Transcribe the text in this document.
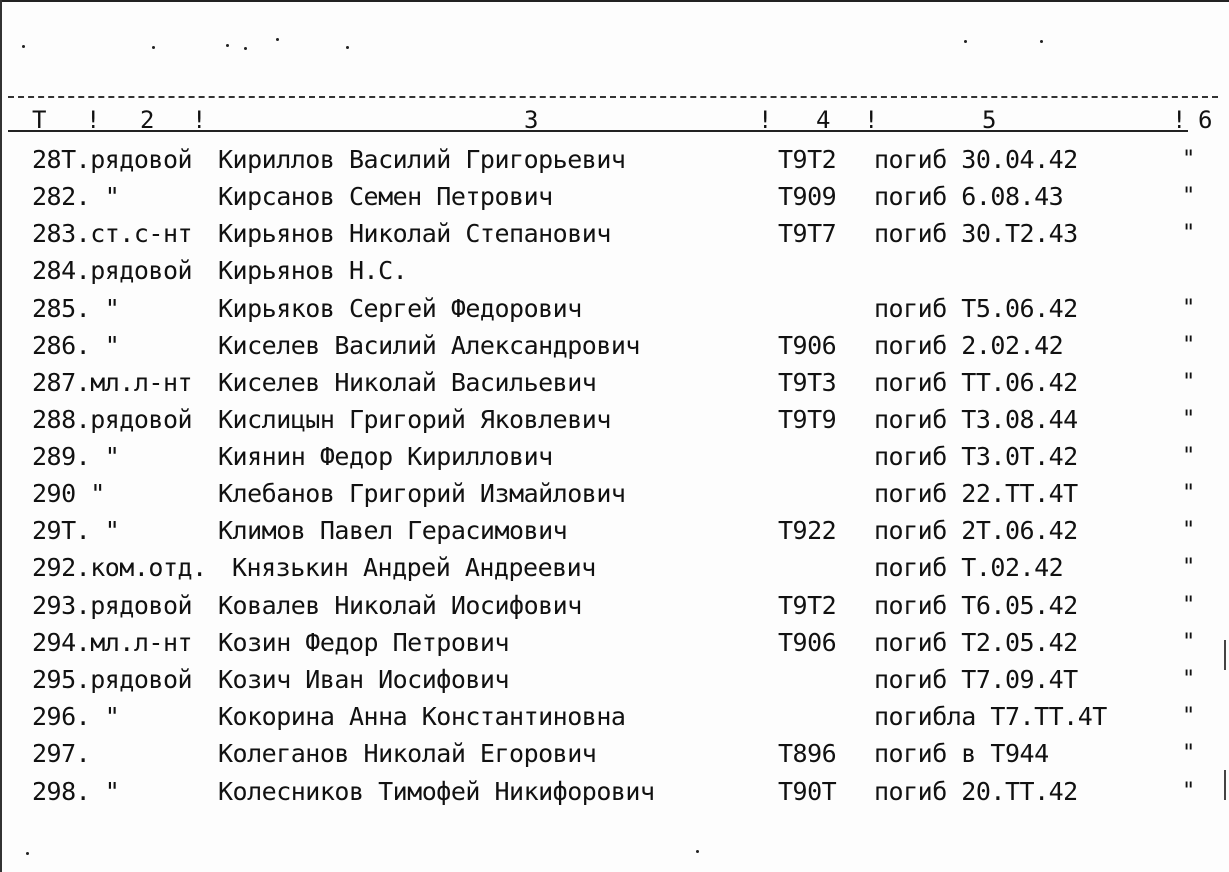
Т ! 2 !	3	! 4 !	5	! 6
28Т.рядовой Кириллов Василий Григорьевич	Т9Т2 погиб 30.04.42	"
282. "	Кирсанов Семен Петрович	Т909 погиб 6.08.43	"
283.ст.с-нт Кирьянов Николай Степанович	Т9Т7 погиб 30.Т2.43	"
284.рядовой Кирьянов Н.С.
285. "	Кирьяков Сергей Федорович	погиб Т5.06.42	"
286. "	Киселев Василий Александрович	Т906 погиб 2.02.42	"
287.мл.л-нт Киселев Николай Васильевич	Т9Т3 погиб ТТ.06.42	"
288.рядовой Кислицын Григорий Яковлевич	Т9Т9 погиб Т3.08.44	"
289. "	Киянин Федор Кириллович	погиб Т3.0Т.42	"
290 "	Клебанов Григорий Измайлович	погиб 22.ТТ.4Т	"
29Т. "	Климов Павел Герасимович	Т922 погиб 2Т.06.42	"
292.ком.отд. Князькин Андрей Андреевич	погиб Т.02.42	"
293.рядовой Ковалев Николай Иосифович	Т9Т2 погиб Т6.05.42	"
294.мл.л-нт Козин Федор Петрович	Т906 погиб Т2.05.42	"
295.рядовой Козич Иван Иосифович	погиб Т7.09.4Т	"
296. "	Кокорина Анна Константиновна	погибла Т7.ТТ.4Т	"
297.	Колеганов Николай Егорович	Т896 погиб в Т944	"
298. "	Колесников Тимофей Никифорович	Т90Т погиб 20.ТТ.42	"
